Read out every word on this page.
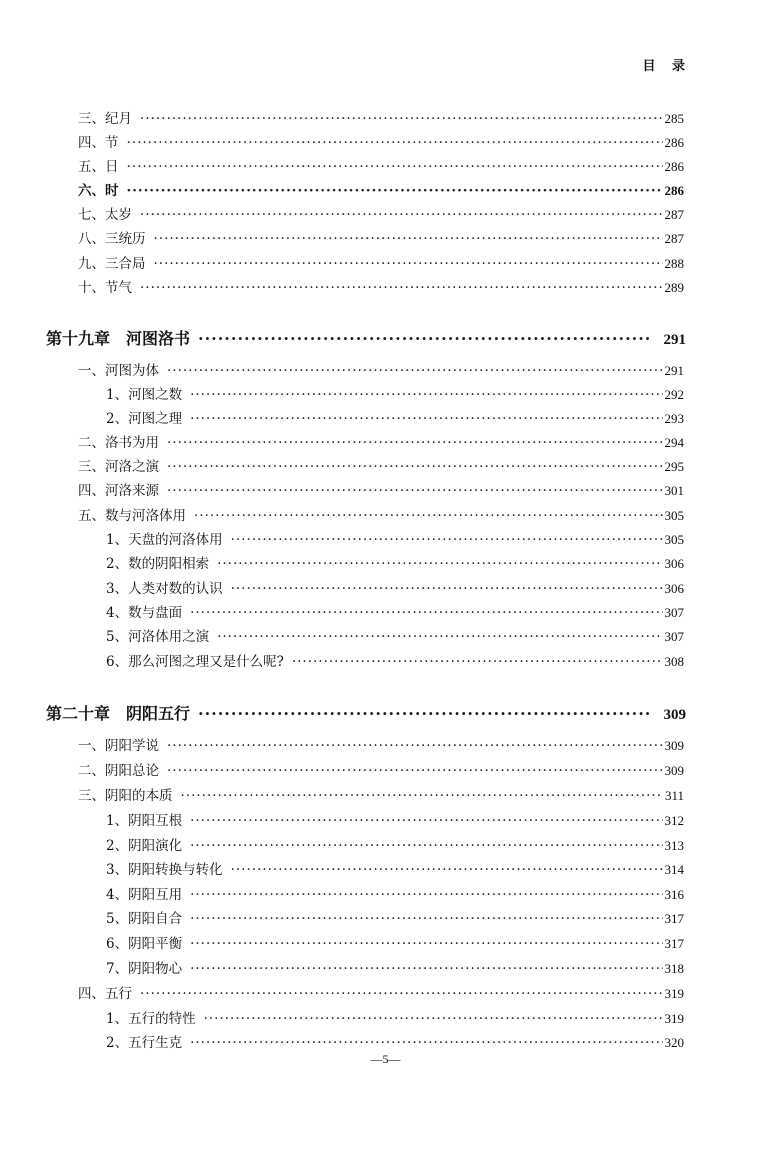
目 录
三、纪月 ·····	285
四、节 ·····	286
五、日 ·····	286
六、时 ·····	286
七、太岁 ·····	287
八、三统历 ·····	287
九、三合局 ·····	288
十、节气 ·····	289
第十九章　河图洛书 ·····	291
一、河图为体 ·····	291
1、河图之数 ·····	292
2、河图之理 ·····	293
二、洛书为用 ·····	294
三、河洛之演 ·····	295
四、河洛来源 ·····	301
五、数与河洛体用 ·····	305
1、天盘的河洛体用 ·····	305
2、数的阴阳相索 ·····	306
3、人类对数的认识 ·····	306
4、数与盘面 ·····	307
5、河洛体用之演 ·····	307
6、那么河图之理又是什么呢? ·····	308
第二十章　阴阳五行 ·····	309
一、阴阳学说 ·····	309
二、阴阳总论 ·····	309
三、阴阳的本质 ·····	311
1、阴阳互根 ·····	312
2、阴阳演化 ·····	313
3、阴阳转换与转化 ·····	314
4、阴阳互用 ·····	316
5、阴阳自合 ·····	317
6、阴阳平衡 ·····	317
7、阴阳物心 ·····	318
四、五行 ·····	319
1、五行的特性 ·····	319
2、五行生克 ·····	320
—5—
